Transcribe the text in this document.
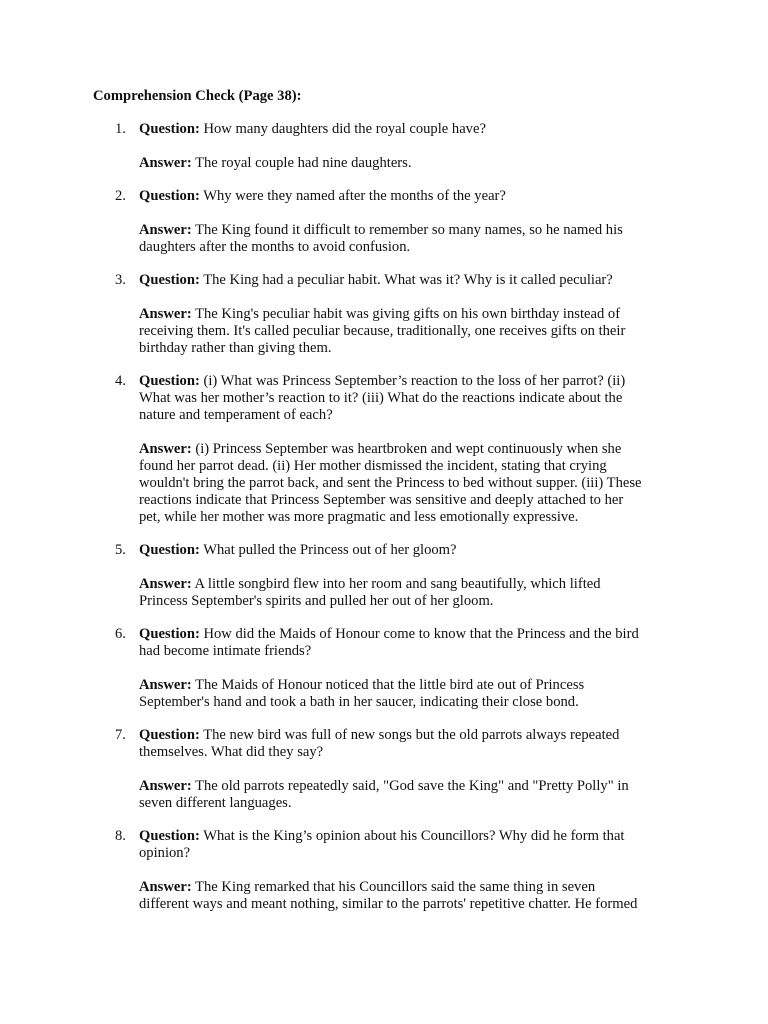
Comprehension Check (Page 38):

1. Question: How many daughters did the royal couple have?

Answer: The royal couple had nine daughters.

2. Question: Why were they named after the months of the year?

Answer: The King found it difficult to remember so many names, so he named his
daughters after the months to avoid confusion.

3. Question: The King had a peculiar habit. What was it? Why is it called peculiar?

Answer: The King's peculiar habit was giving gifts on his own birthday instead of
receiving them. It's called peculiar because, traditionally, one receives gifts on their
birthday rather than giving them.

4. Question: (i) What was Princess September’s reaction to the loss of her parrot? (ii)
What was her mother’s reaction to it? (iii) What do the reactions indicate about the
nature and temperament of each?

Answer: (i) Princess September was heartbroken and wept continuously when she
found her parrot dead. (ii) Her mother dismissed the incident, stating that crying
wouldn't bring the parrot back, and sent the Princess to bed without supper. (iii) These
reactions indicate that Princess September was sensitive and deeply attached to her
pet, while her mother was more pragmatic and less emotionally expressive.

5. Question: What pulled the Princess out of her gloom?

Answer: A little songbird flew into her room and sang beautifully, which lifted
Princess September's spirits and pulled her out of her gloom.

6. Question: How did the Maids of Honour come to know that the Princess and the bird
had become intimate friends?

Answer: The Maids of Honour noticed that the little bird ate out of Princess
September's hand and took a bath in her saucer, indicating their close bond.

7. Question: The new bird was full of new songs but the old parrots always repeated
themselves. What did they say?

Answer: The old parrots repeatedly said, "God save the King" and "Pretty Polly" in
seven different languages.

8. Question: What is the King’s opinion about his Councillors? Why did he form that
opinion?

Answer: The King remarked that his Councillors said the same thing in seven
different ways and meant nothing, similar to the parrots' repetitive chatter. He formed
